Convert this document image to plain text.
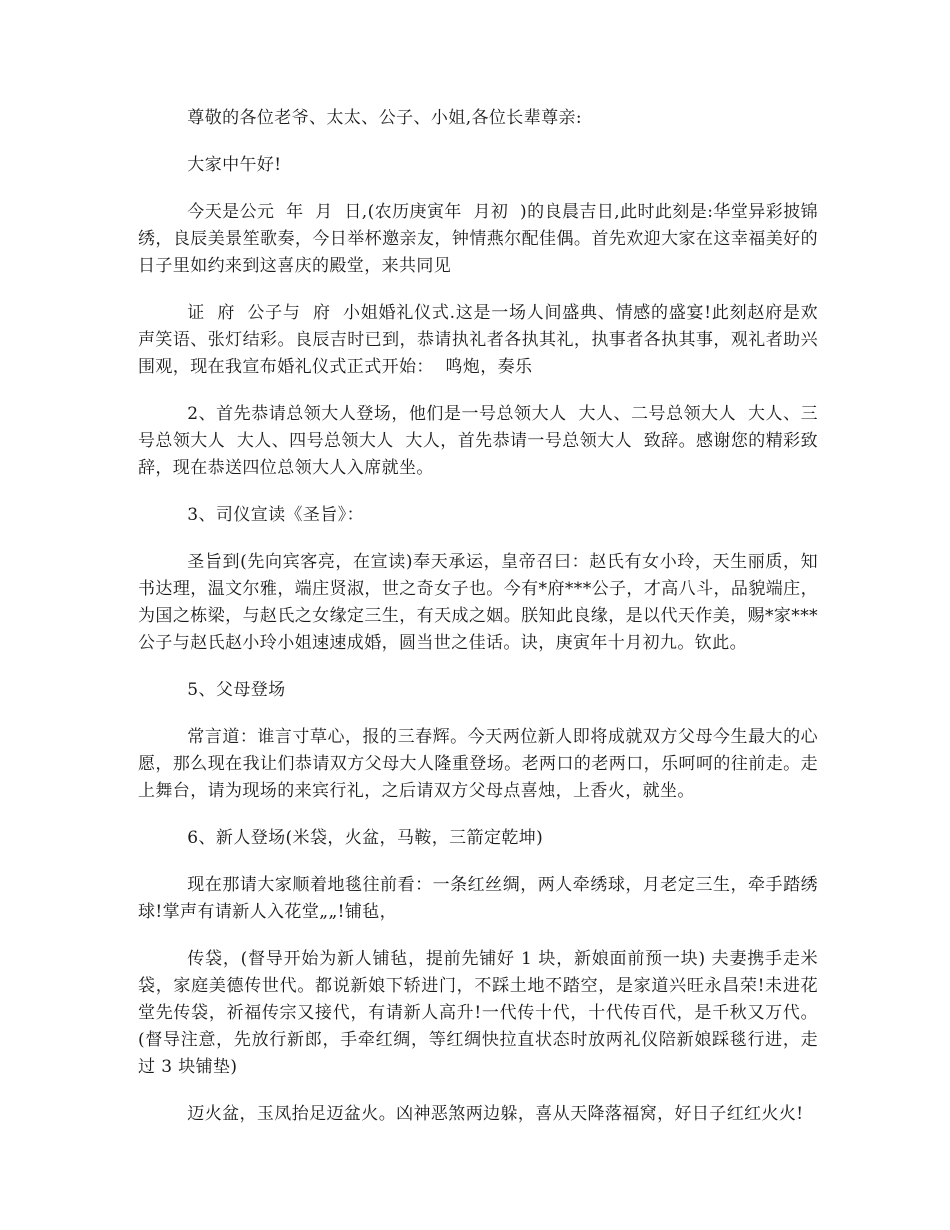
尊敬的各位老爷、太太、公子、小姐,各位长辈尊亲:

大家中午好!

今天是公元  年  月  日,(农历庚寅年  月初  )的良晨吉日,此时此刻是:华堂异彩披锦绣，良辰美景笙歌奏，今日举杯邀亲友，钟情燕尔配佳偶。首先欢迎大家在这幸福美好的日子里如约来到这喜庆的殿堂，来共同见

证  府  公子与  府  小姐婚礼仪式.这是一场人间盛典、情感的盛宴!此刻赵府是欢声笑语、张灯结彩。良辰吉时已到，恭请执礼者各执其礼，执事者各执其事，观礼者助兴围观，现在我宣布婚礼仪式正式开始：  鸣炮，奏乐

2、首先恭请总领大人登场，他们是一号总领大人  大人、二号总领大人  大人、三号总领大人  大人、四号总领大人  大人，首先恭请一号总领大人  致辞。感谢您的精彩致辞，现在恭送四位总领大人入席就坐。

3、司仪宣读《圣旨》：

圣旨到(先向宾客亮，在宣读)奉天承运，皇帝召曰：赵氏有女小玲，天生丽质，知书达理，温文尔雅，端庄贤淑，世之奇女子也。今有*府***公子，才高八斗，品貌端庄，为国之栋梁，与赵氏之女缘定三生，有天成之姻。朕知此良缘，是以代天作美，赐*家***公子与赵氏赵小玲小姐速速成婚，圆当世之佳话。诀，庚寅年十月初九。钦此。

5、父母登场

常言道：谁言寸草心，报的三春辉。今天两位新人即将成就双方父母今生最大的心愿，那么现在我让们恭请双方父母大人隆重登场。老两口的老两口，乐呵呵的往前走。走上舞台，请为现场的来宾行礼，之后请双方父母点喜烛，上香火，就坐。

6、新人登场(米袋，火盆，马鞍，三箭定乾坤)

现在那请大家顺着地毯往前看：一条红丝绸，两人牵绣球，月老定三生，牵手踏绣球!掌声有请新人入花堂„„!铺毡，

传袋，(督导开始为新人铺毡，提前先铺好 1 块，新娘面前预一块) 夫妻携手走米袋，家庭美德传世代。都说新娘下轿进门，不踩土地不踏空，是家道兴旺永昌荣!未进花堂先传袋，祈福传宗又接代，有请新人高升!一代传十代，十代传百代，是千秋又万代。(督导注意，先放行新郎，手牵红绸，等红绸快拉直状态时放两礼仪陪新娘踩毯行进，走过 3 块铺垫)

迈火盆，玉凤抬足迈盆火。凶神恶煞两边躲，喜从天降落福窝，好日子红红火火!
